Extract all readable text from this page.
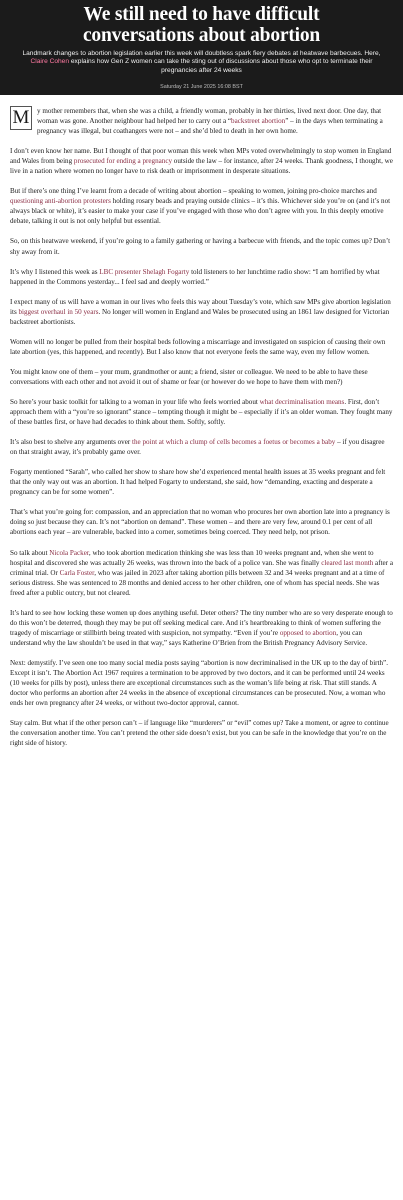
We still need to have difficult
conversations about abortion

Landmark changes to abortion legislation earlier this week will doubtless spark fiery debates at heatwave barbecues. Here, Claire Cohen explains how Gen Z women can take the sting out of discussions about those who opt to terminate their pregnancies after 24 weeks

Saturday 21 June 2025 16:08 BST

M	y mother remembers that, when she was a child, a friendly woman, probably in her thirties, lived next door. One day, that woman was gone. Another neighbour had helped her to carry out a “backstreet abortion” – in the days when terminating a pregnancy was illegal, but coathangers were not – and she’d bled to death in her own home.

I don’t even know her name. But I thought of that poor woman this week when MPs voted overwhelmingly to stop women in England and Wales from being prosecuted for ending a pregnancy outside the law – for instance, after 24 weeks. Thank goodness, I thought, we live in a nation where women no longer have to risk death or imprisonment in desperate situations.

But if there’s one thing I’ve learnt from a decade of writing about abortion – speaking to women, joining pro-choice marches and questioning anti-abortion protesters holding rosary beads and praying outside clinics – it’s this. Whichever side you’re on (and it’s not always black or white), it’s easier to make your case if you’ve engaged with those who don’t agree with you. In this deeply emotive debate, talking it out is not only helpful but essential.

So, on this heatwave weekend, if you’re going to a family gathering or having a barbecue with friends, and the topic comes up? Don’t shy away from it.

It’s why I listened this week as LBC presenter Shelagh Fogarty told listeners to her lunchtime radio show: “I am horrified by what happened in the Commons yesterday... I feel sad and deeply worried.”

I expect many of us will have a woman in our lives who feels this way about Tuesday’s vote, which saw MPs give abortion legislation its biggest overhaul in 50 years. No longer will women in England and Wales be prosecuted using an 1861 law designed for Victorian backstreet abortionists.

Women will no longer be pulled from their hospital beds following a miscarriage and investigated on suspicion of causing their own late abortion (yes, this happened, and recently). But I also know that not everyone feels the same way, even my fellow women.

You might know one of them – your mum, grandmother or aunt; a friend, sister or colleague. We need to be able to have these conversations with each other and not avoid it out of shame or fear (or however do we hope to have them with men?)

So here’s your basic toolkit for talking to a woman in your life who feels worried about what decriminalisation means. First, don’t approach them with a “you’re so ignorant” stance – tempting though it might be – especially if it’s an older woman. They fought many of these battles first, or have had decades to think about them. Softly, softly.

It’s also best to shelve any arguments over the point at which a clump of cells becomes a foetus or becomes a baby – if you disagree on that straight away, it’s probably game over.

Fogarty mentioned “Sarah”, who called her show to share how she’d experienced mental health issues at 35 weeks pregnant and felt that the only way out was an abortion. It had helped Fogarty to understand, she said, how “demanding, exacting and desperate a pregnancy can be for some women”.

That’s what you’re going for: compassion, and an appreciation that no woman who procures her own abortion late into a pregnancy is doing so just because they can. It’s not “abortion on demand”. These women – and there are very few, around 0.1 per cent of all abortions each year – are vulnerable, backed into a corner, sometimes being coerced. They need help, not prison.

So talk about Nicola Packer, who took abortion medication thinking she was less than 10 weeks pregnant and, when she went to hospital and discovered she was actually 26 weeks, was thrown into the back of a police van. She was finally cleared last month after a criminal trial. Or Carla Foster, who was jailed in 2023 after taking abortion pills between 32 and 34 weeks pregnant and at a time of serious distress. She was sentenced to 28 months and denied access to her other children, one of whom has special needs. She was freed after a public outcry, but not cleared.

It’s hard to see how locking these women up does anything useful. Deter others? The tiny number who are so very desperate enough to do this won’t be deterred, though they may be put off seeking medical care. And it’s heartbreaking to think of women suffering the tragedy of miscarriage or stillbirth being treated with suspicion, not sympathy. “Even if you’re opposed to abortion, you can understand why the law shouldn’t be used in that way,” says Katherine O’Brien from the British Pregnancy Advisory Service.

Next: demystify. I’ve seen one too many social media posts saying “abortion is now decriminalised in the UK up to the day of birth”. Except it isn’t. The Abortion Act 1967 requires a termination to be approved by two doctors, and it can be performed until 24 weeks (10 weeks for pills by post), unless there are exceptional circumstances such as the woman’s life being at risk. That still stands. A doctor who performs an abortion after 24 weeks in the absence of exceptional circumstances can be prosecuted. Now, a woman who ends her own pregnancy after 24 weeks, or without two-doctor approval, cannot.

Stay calm. But what if the other person can’t – if language like “murderers” or “evil” comes up? Take a moment, or agree to continue the conversation another time. You can’t pretend the other side doesn’t exist, but you can be safe in the knowledge that you’re on the right side of history.
